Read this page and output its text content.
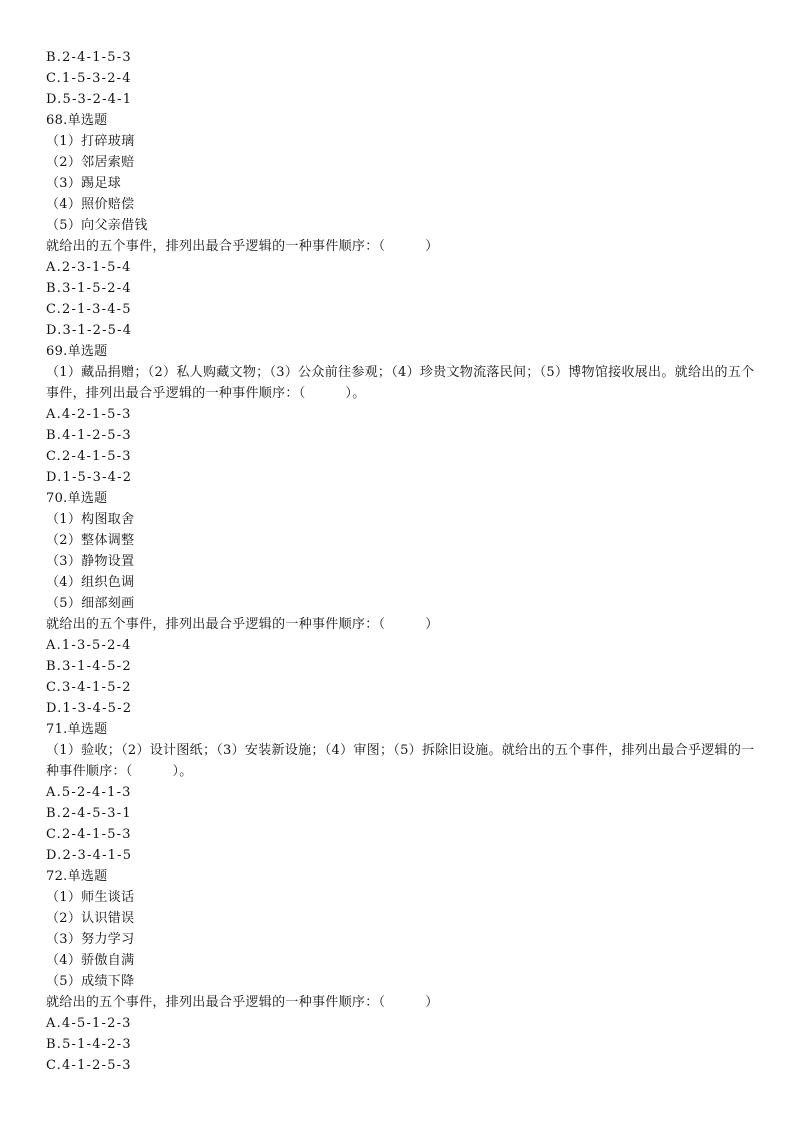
B.2-4-1-5-3
C.1-5-3-2-4
D.5-3-2-4-1
68.单选题
（1）打碎玻璃
（2）邻居索赔
（3）踢足球
（4）照价赔偿
（5）向父亲借钱
就给出的五个事件，排列出最合乎逻辑的一种事件顺序：（　　　）
A.2-3-1-5-4
B.3-1-5-2-4
C.2-1-3-4-5
D.3-1-2-5-4
69.单选题
（1）藏品捐赠；（2）私人购藏文物；（3）公众前往参观；（4）珍贵文物流落民间；（5）博物馆接收展出。就给出的五个事件，排列出最合乎逻辑的一种事件顺序：（　　　）。
A.4-2-1-5-3
B.4-1-2-5-3
C.2-4-1-5-3
D.1-5-3-4-2
70.单选题
（1）构图取舍
（2）整体调整
（3）静物设置
（4）组织色调
（5）细部刻画
就给出的五个事件，排列出最合乎逻辑的一种事件顺序：（　　　）
A.1-3-5-2-4
B.3-1-4-5-2
C.3-4-1-5-2
D.1-3-4-5-2
71.单选题
（1）验收；（2）设计图纸；（3）安装新设施；（4）审图；（5）拆除旧设施。就给出的五个事件，排列出最合乎逻辑的一种事件顺序：（　　　）。
A.5-2-4-1-3
B.2-4-5-3-1
C.2-4-1-5-3
D.2-3-4-1-5
72.单选题
（1）师生谈话
（2）认识错误
（3）努力学习
（4）骄傲自满
（5）成绩下降
就给出的五个事件，排列出最合乎逻辑的一种事件顺序：（　　　）
A.4-5-1-2-3
B.5-1-4-2-3
C.4-1-2-5-3
